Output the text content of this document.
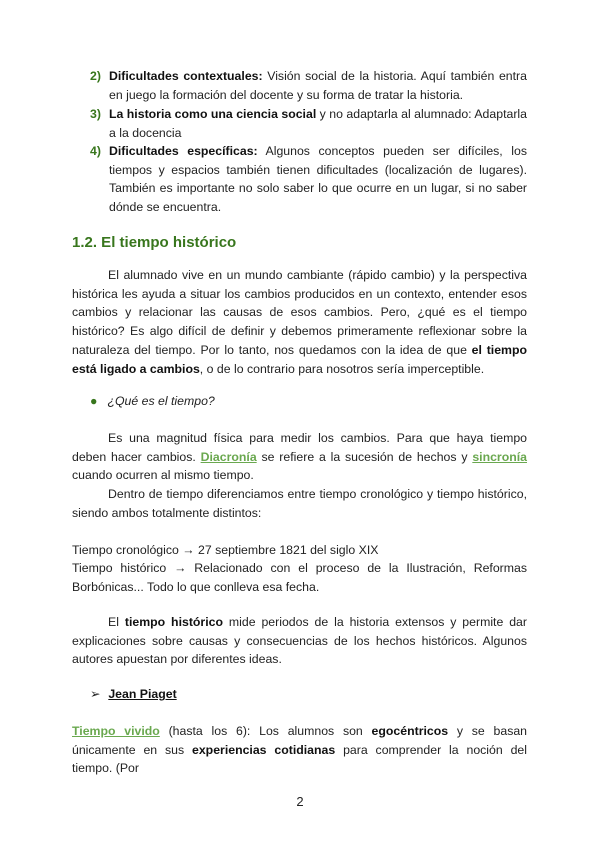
2) Dificultades contextuales: Visión social de la historia. Aquí también entra en juego la formación del docente y su forma de tratar la historia.
3) La historia como una ciencia social y no adaptarla al alumnado: Adaptarla a la docencia
4) Dificultades específicas: Algunos conceptos pueden ser difíciles, los tiempos y espacios también tienen dificultades (localización de lugares). También es importante no solo saber lo que ocurre en un lugar, si no saber dónde se encuentra.
1.2. El tiempo histórico
El alumnado vive en un mundo cambiante (rápido cambio) y la perspectiva histórica les ayuda a situar los cambios producidos en un contexto, entender esos cambios y relacionar las causas de esos cambios. Pero, ¿qué es el tiempo histórico? Es algo difícil de definir y debemos primeramente reflexionar sobre la naturaleza del tiempo. Por lo tanto, nos quedamos con la idea de que el tiempo está ligado a cambios, o de lo contrario para nosotros sería imperceptible.
● ¿Qué es el tiempo?
Es una magnitud física para medir los cambios. Para que haya tiempo deben hacer cambios. Diacronía se refiere a la sucesión de hechos y sincronía cuando ocurren al mismo tiempo.
Dentro de tiempo diferenciamos entre tiempo cronológico y tiempo histórico, siendo ambos totalmente distintos:
Tiempo cronológico → 27 septiembre 1821 del siglo XIX
Tiempo histórico → Relacionado con el proceso de la Ilustración, Reformas Borbónicas... Todo lo que conlleva esa fecha.
El tiempo histórico mide periodos de la historia extensos y permite dar explicaciones sobre causas y consecuencias de los hechos históricos. Algunos autores apuestan por diferentes ideas.
➢ Jean Piaget
Tiempo vivido (hasta los 6): Los alumnos son egocéntricos y se basan únicamente en sus experiencias cotidianas para comprender la noción del tiempo. (Por
2
